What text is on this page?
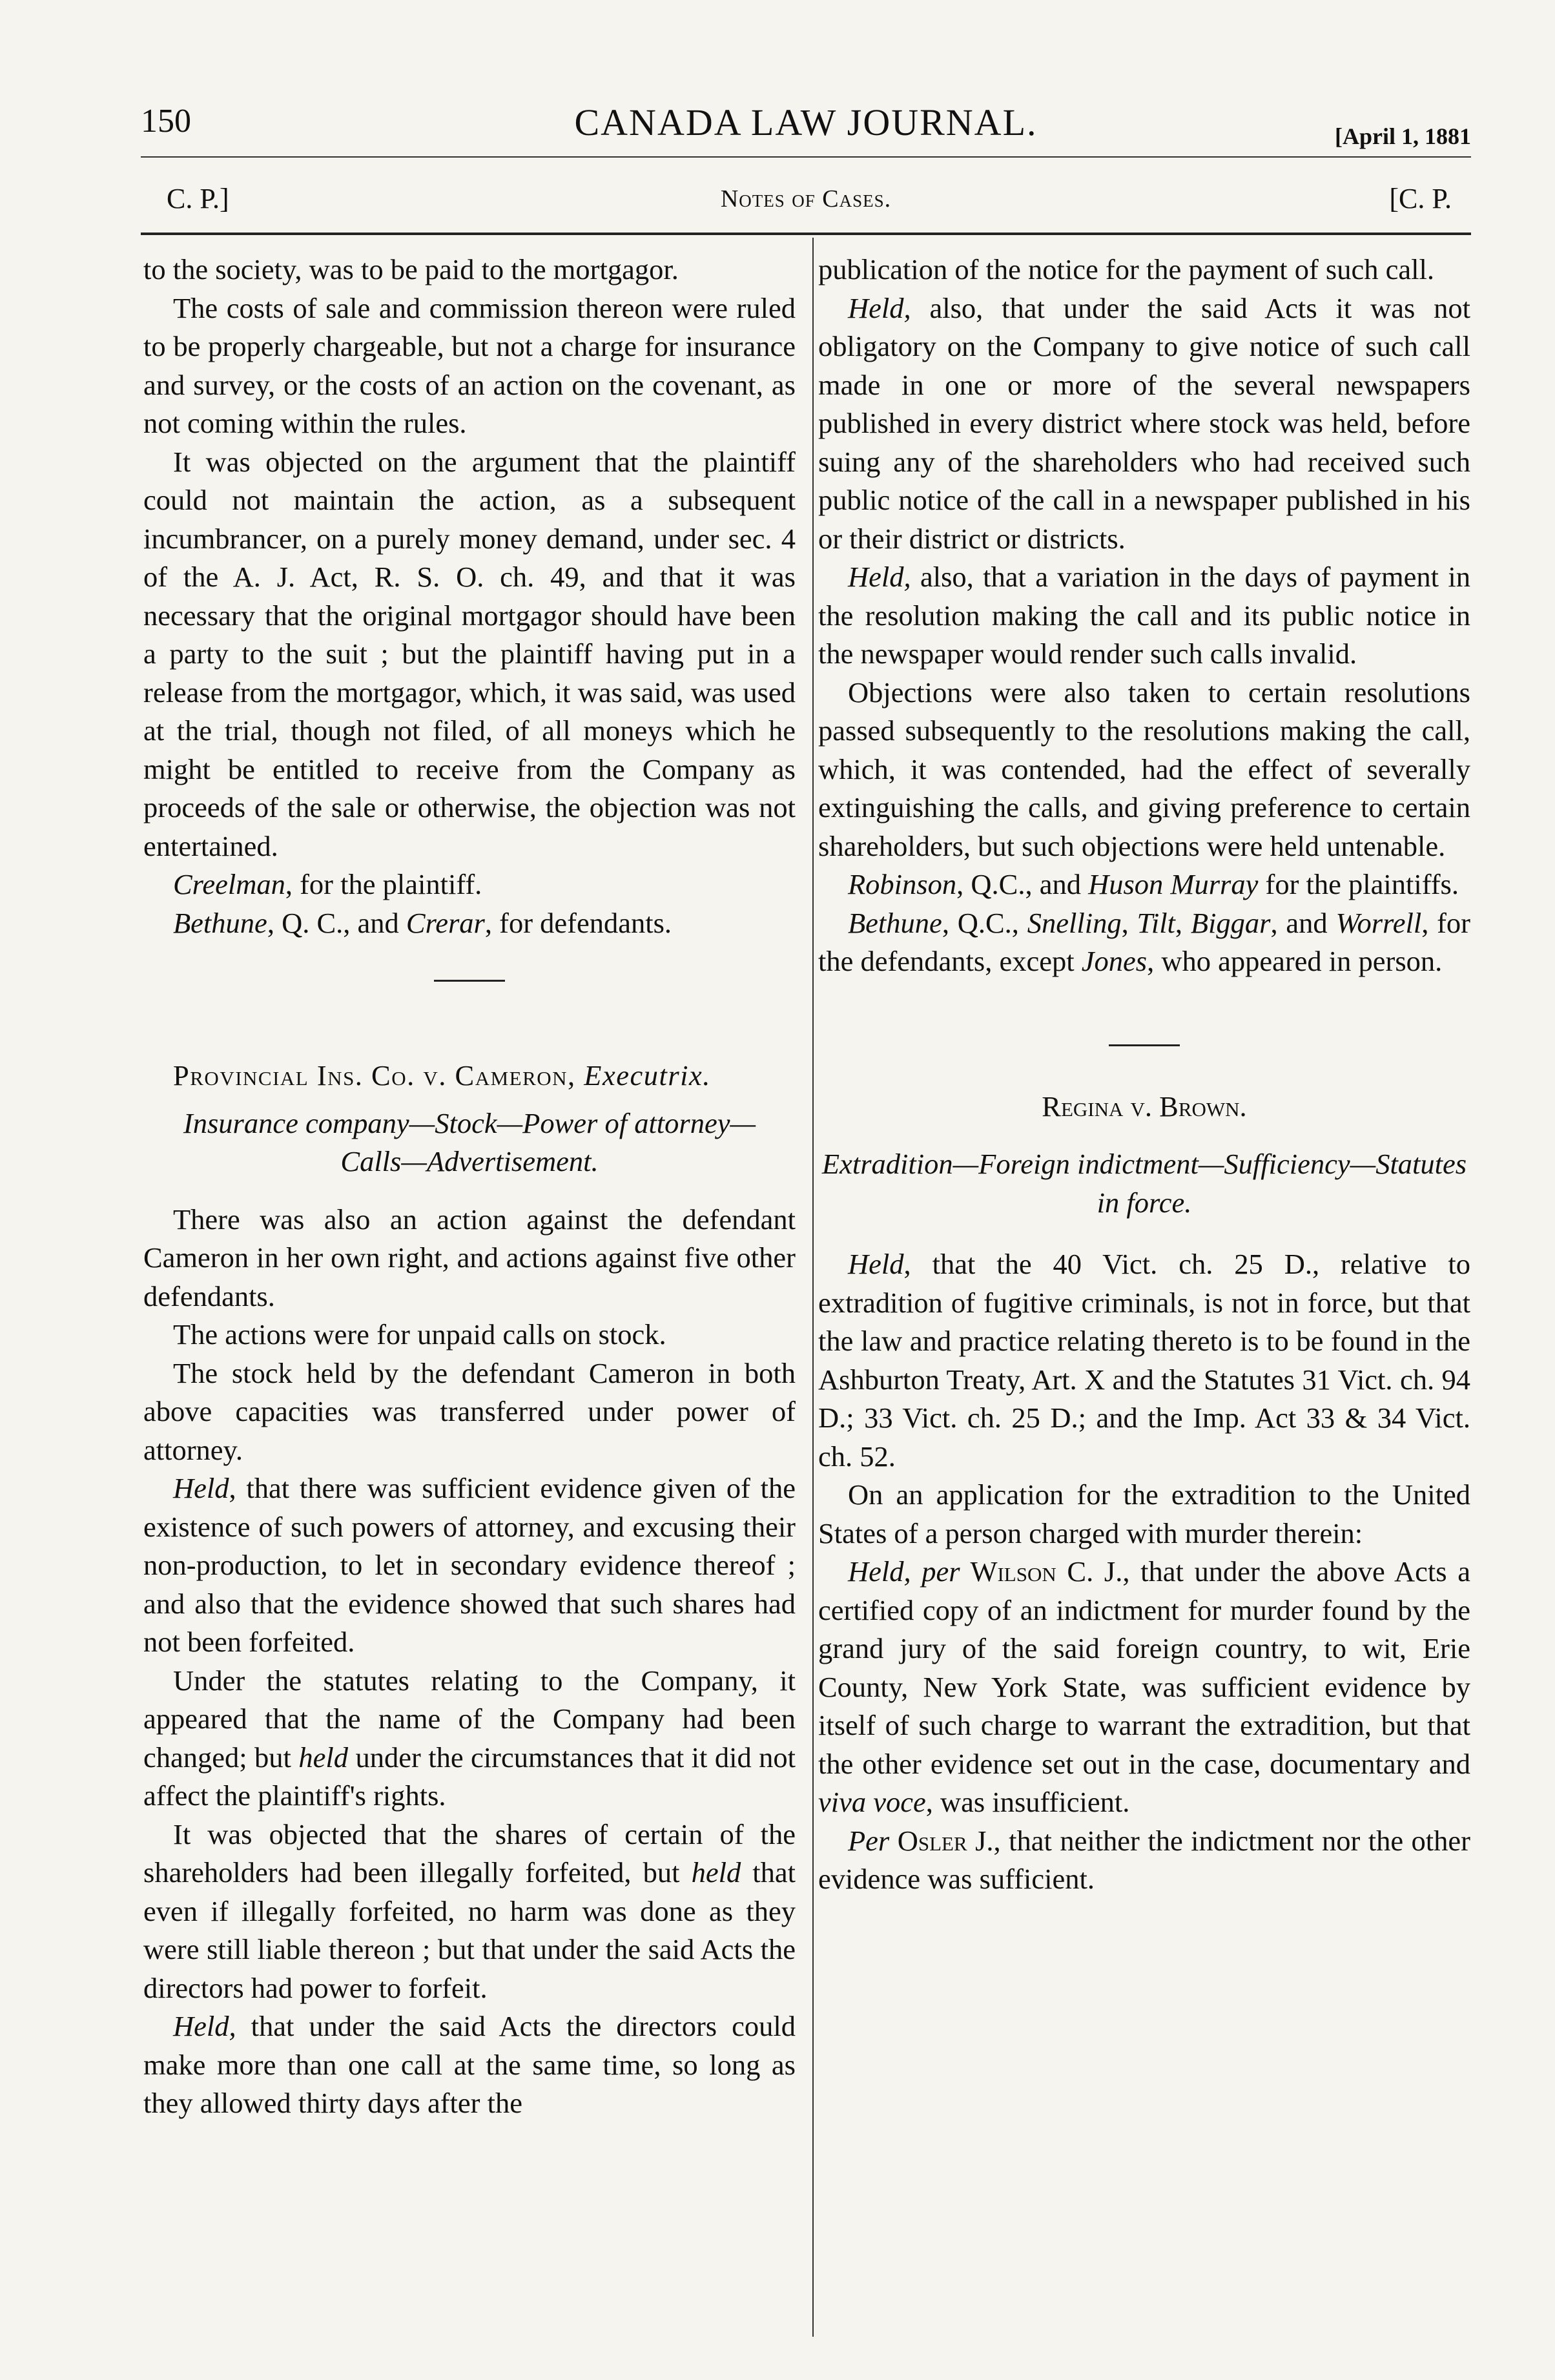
150	CANADA LAW JOURNAL.	[April 1, 1881
C. P.]	Notes of Cases.	[C. P.

to the society, was to be paid to the mortgagor.

The costs of sale and commission thereon were ruled to be properly chargeable, but not a charge for insurance and survey, or the costs of an action on the covenant, as not coming within the rules.

It was objected on the argument that the plaintiff could not maintain the action, as a subsequent incumbrancer, on a purely money demand, under sec. 4 of the A. J. Act, R. S. O. ch. 49, and that it was necessary that the original mortgagor should have been a party to the suit ; but the plaintiff having put in a release from the mortgagor, which, it was said, was used at the trial, though not filed, of all moneys which he might be entitled to receive from the Company as proceeds of the sale or otherwise, the objection was not entertained.

Creelman, for the plaintiff.

Bethune, Q. C., and Crerar, for defendants.

Provincial Ins. Co. v. Cameron, Executrix.

Insurance company—Stock—Power of attorney—Calls—Advertisement.

There was also an action against the defendant Cameron in her own right, and actions against five other defendants.

The actions were for unpaid calls on stock.

The stock held by the defendant Cameron in both above capacities was transferred under power of attorney.

Held, that there was sufficient evidence given of the existence of such powers of attorney, and excusing their non-production, to let in secondary evidence thereof ; and also that the evidence showed that such shares had not been forfeited.

Under the statutes relating to the Company, it appeared that the name of the Company had been changed; but held under the circumstances that it did not affect the plaintiff's rights.

It was objected that the shares of certain of the shareholders had been illegally forfeited, but held that even if illegally forfeited, no harm was done as they were still liable thereon ; but that under the said Acts the directors had power to forfeit.

Held, that under the said Acts the directors could make more than one call at the same time, so long as they allowed thirty days after the

publication of the notice for the payment of such call.

Held, also, that under the said Acts it was not obligatory on the Company to give notice of such call made in one or more of the several newspapers published in every district where stock was held, before suing any of the shareholders who had received such public notice of the call in a newspaper published in his or their district or districts.

Held, also, that a variation in the days of payment in the resolution making the call and its public notice in the newspaper would render such calls invalid.

Objections were also taken to certain resolutions passed subsequently to the resolutions making the call, which, it was contended, had the effect of severally extinguishing the calls, and giving preference to certain shareholders, but such objections were held untenable.

Robinson, Q.C., and Huson Murray for the plaintiffs.

Bethune, Q.C., Snelling, Tilt, Biggar, and Worrell, for the defendants, except Jones, who appeared in person.

Regina v. Brown.

Extradition—Foreign indictment—Sufficiency—Statutes in force.

Held, that the 40 Vict. ch. 25 D., relative to extradition of fugitive criminals, is not in force, but that the law and practice relating thereto is to be found in the Ashburton Treaty, Art. X and the Statutes 31 Vict. ch. 94 D.; 33 Vict. ch. 25 D.; and the Imp. Act 33 & 34 Vict. ch. 52.

On an application for the extradition to the United States of a person charged with murder therein:

Held, per Wilson C. J., that under the above Acts a certified copy of an indictment for murder found by the grand jury of the said foreign country, to wit, Erie County, New York State, was sufficient evidence by itself of such charge to warrant the extradition, but that the other evidence set out in the case, documentary and viva voce, was insufficient.

Per Osler J., that neither the indictment nor the other evidence was sufficient.
